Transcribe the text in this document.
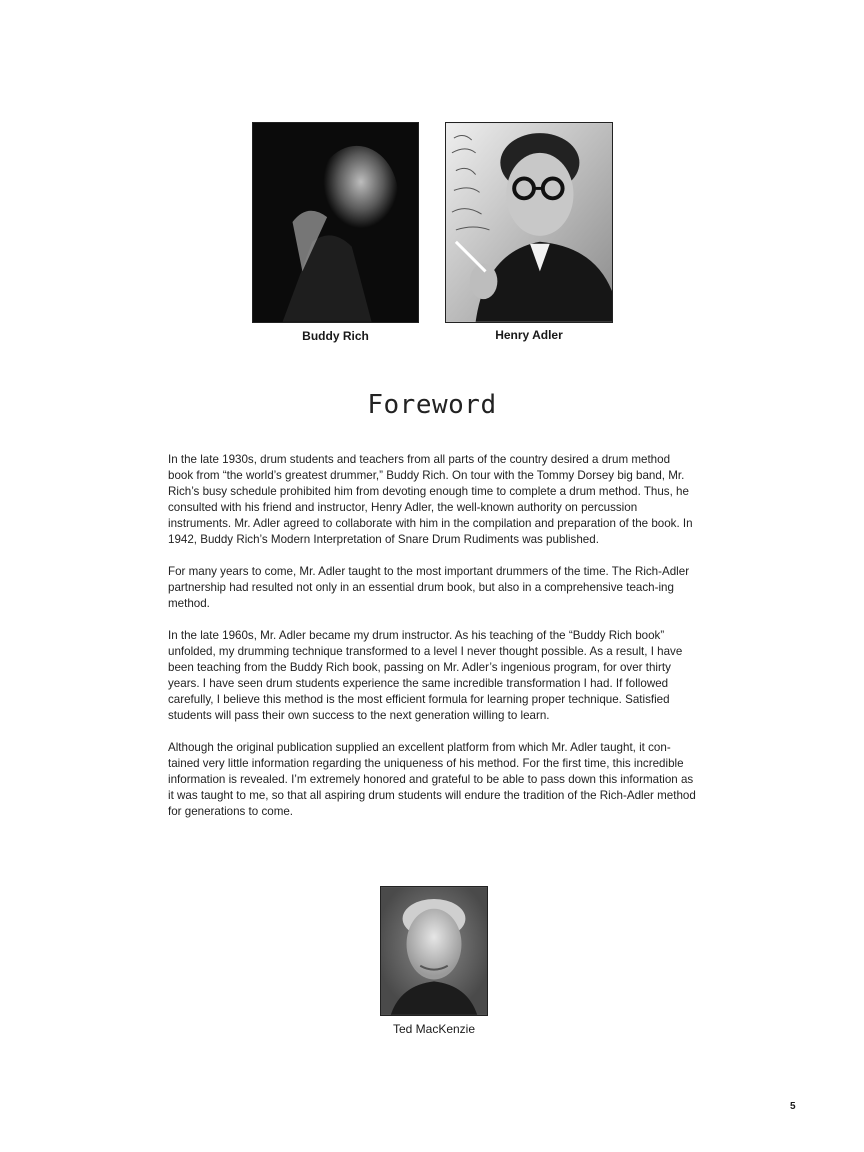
Buddy Rich	Henry Adler
Foreword

In the late 1930s, drum students and teachers from all parts of the country desired a drum method book from “the world’s greatest drummer,” Buddy Rich. On tour with the Tommy Dorsey big band, Mr. Rich’s busy schedule prohibited him from devoting enough time to complete a drum method. Thus, he consulted with his friend and instructor, Henry Adler, the well-known authority on percussion instruments. Mr. Adler agreed to collaborate with him in the compilation and preparation of the book. In 1942, Buddy Rich’s Modern Interpretation of Snare Drum Rudiments was published.

For many years to come, Mr. Adler taught to the most important drummers of the time. The Rich-Adler partnership had resulted not only in an essential drum book, but also in a comprehensive teach-ing method.

In the late 1960s, Mr. Adler became my drum instructor. As his teaching of the “Buddy Rich book” unfolded, my drumming technique transformed to a level I never thought possible. As a result, I have been teaching from the Buddy Rich book, passing on Mr. Adler’s ingenious program, for over thirty years. I have seen drum students experience the same incredible transformation I had. If followed carefully, I believe this method is the most efficient formula for learning proper technique. Satisfied students will pass their own success to the next generation willing to learn.

Although the original publication supplied an excellent platform from which Mr. Adler taught, it con-tained very little information regarding the uniqueness of his method. For the first time, this incredible information is revealed. I’m extremely honored and grateful to be able to pass down this information as it was taught to me, so that all aspiring drum students will endure the tradition of the Rich-Adler method for generations to come.

Ted MacKenzie
5
